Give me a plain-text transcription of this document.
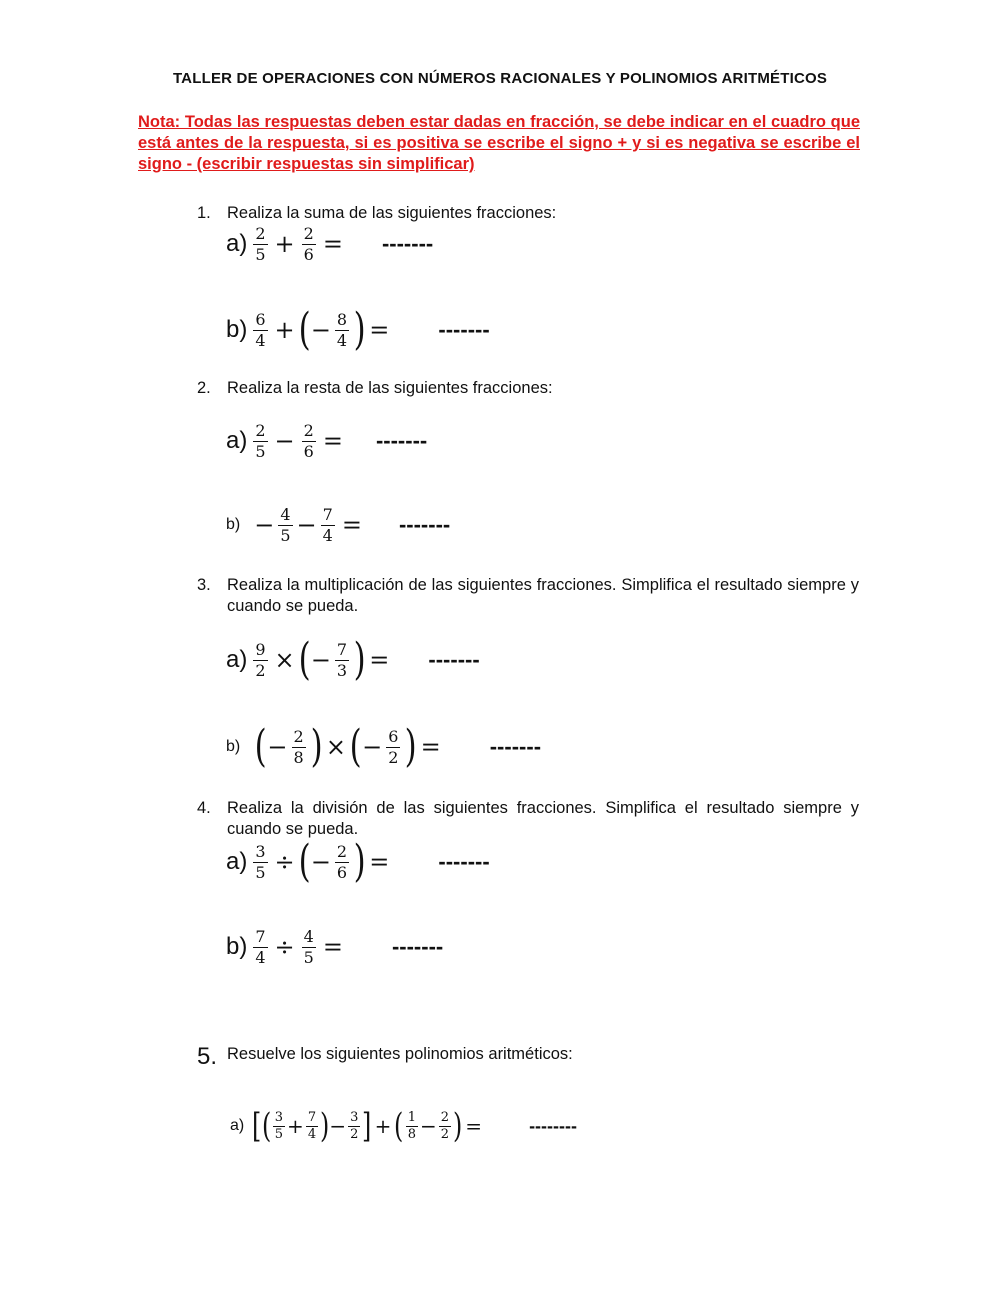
TALLER DE OPERACIONES CON NÚMEROS RACIONALES Y POLINOMIOS ARITMÉTICOS
Nota: Todas las respuestas deben estar dadas en fracción, se debe indicar en el cuadro que está antes de la respuesta, si es positiva se escribe el signo + y si es negativa se escribe el signo - (escribir respuestas sin simplificar)
1. Realiza la suma de las siguientes fracciones:
$a) \frac{2}{5} + \frac{2}{6}$ = -------
$b) \frac{6}{4}$ + ( − $\frac{8}{4}$ ) = -------
2. Realiza la resta de las siguientes fracciones:
$a) \frac{2}{5} - \frac{2}{6}$ = -------
$b) - \frac{4}{5} - \frac{7}{4}$ = -------
3. Realiza la multiplicación de las siguientes fracciones. Simplifica el resultado siempre y cuando se pueda.
$a) \frac{9}{2}$ × ( − $\frac{7}{3}$ ) = -------
b) ( − $\frac{2}{8}$ ) × ( − $\frac{6}{2}$ ) = -------
4. Realiza la división de las siguientes fracciones. Simplifica el resultado siempre y cuando se pueda.
$a) \frac{3}{5}$ ÷ ( − $\frac{2}{6}$ ) = -------
$b) \frac{7}{4} \div \frac{4}{5}$ = -------
5. Resuelve los siguientes polinomios aritméticos:
a) [ ( $\frac{3}{5} + \frac{7}{4}$ ) − $\frac{3}{2}$ ] + ( $\frac{1}{8} - \frac{2}{2}$ ) =	--------
